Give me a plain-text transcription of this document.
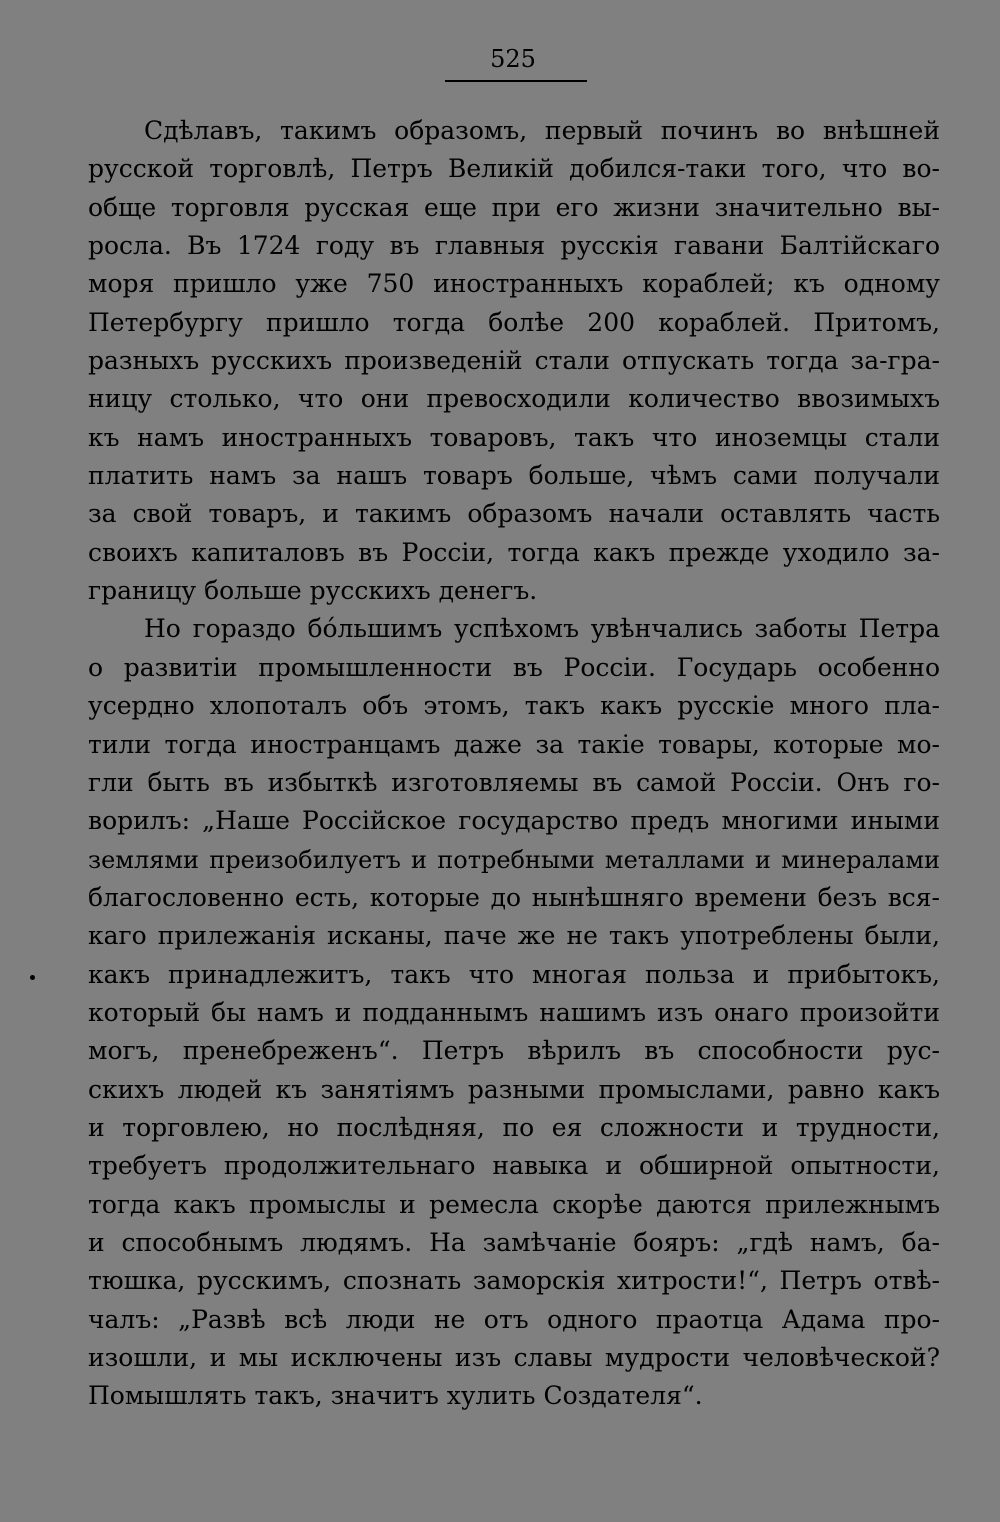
525
Сдѣлавъ, такимъ образомъ, первый починъ во внѣшней
русской торговлѣ, Петръ Великій добился-таки того, что во-
обще торговля русская еще при его жизни значительно вы-
росла. Въ 1724 году въ главныя русскія гавани Балтійскаго
моря пришло уже 750 иностранныхъ кораблей; къ одному
Петербургу пришло тогда болѣе 200 кораблей. Притомъ,
разныхъ русскихъ произведеній стали отпускать тогда за-гра-
ницу столько, что они превосходили количество ввозимыхъ
къ намъ иностранныхъ товаровъ, такъ что иноземцы стали
платить намъ за нашъ товаръ больше, чѣмъ сами получали
за свой товаръ, и такимъ образомъ начали оставлять часть
своихъ капиталовъ въ Россіи, тогда какъ прежде уходило за-
границу больше русскихъ денегъ.
Но гораздо бо́льшимъ успѣхомъ увѣнчались заботы Петра
о развитіи промышленности въ Россіи. Государь особенно
усердно хлопоталъ объ этомъ, такъ какъ русскіе много пла-
тили тогда иностранцамъ даже за такіе товары, которые мо-
гли быть въ избыткѣ изготовляемы въ самой Россіи. Онъ го-
ворилъ: „Наше Россійское государство предъ многими иными
землями преизобилуетъ и потребными металлами и минералами
благословенно есть, которые до нынѣшняго времени безъ вся-
каго прилежанія исканы, паче же не такъ употреблены были,
какъ принадлежитъ, такъ что многая польза и прибытокъ,
который бы намъ и подданнымъ нашимъ изъ онаго произойти
могъ, пренебреженъ“. Петръ вѣрилъ въ способности рус-
скихъ людей къ занятіямъ разными промыслами, равно какъ
и торговлею, но послѣдняя, по ея сложности и трудности,
требуетъ продолжительнаго навыка и обширной опытности,
тогда какъ промыслы и ремесла скорѣе даются прилежнымъ
и способнымъ людямъ. На замѣчаніе бояръ: „гдѣ намъ, ба-
тюшка, русскимъ, спознать заморскія хитрости!“, Петръ отвѣ-
чалъ: „Развѣ всѣ люди не отъ одного праотца Адама про-
изошли, и мы исключены изъ славы мудрости человѣческой?
Помышлять такъ, значитъ хулить Создателя“.
